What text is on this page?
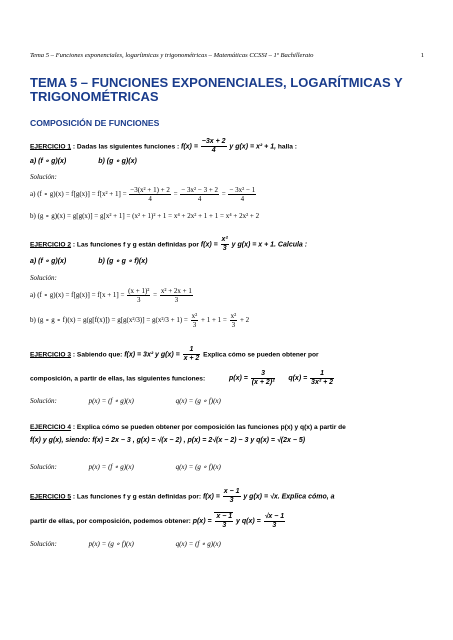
Tema 5 – Funciones exponenciales, logarítmicas y trigonométricas – Matemáticas CCSSI – 1º Bachillerato	1
TEMA 5 – FUNCIONES EXPONENCIALES, LOGARÍTMICAS Y TRIGONOMÉTRICAS
COMPOSICIÓN DE FUNCIONES
EJERCICIO 1 : Dadas las siguientes funciones : $f(x) = \frac{-3x + 2}{4}$ y g(x) = x² + 1, halla :
a) (f ∘ g)(x)	b) (g ∘ g)(x)
Solución:
a) (f ∘ $g)(x) = f[g(x)] = f[x^2 + 1] = \frac{\text{−3(x² + 1) + 2}}{4} = \frac{\text{− 3x² − 3 + 2}}{4} = \frac{\text{− 3x² − 1}}{4}$
b) (g ∘ g)(x) = g[g(x)] = g[x² + 1] = (x² + 1)² + 1 = x⁴ + 2x² + 1 + 1 = x⁴ + 2x² + 2
EJERCICIO 2 : Las funciones f y g están definidas por $f(x) = \frac{\text{x²}}{3}$ y g(x) = x + 1. Calcula :
a) (f ∘ g)(x)	b) (g ∘ g ∘ f)(x)
Solución:
a) (f ∘ $g)(x) = f[g(x)] = f[x + 1] = \frac{\text{(x + 1)²}}{3} = \frac{\text{x² + 2x + 1}}{3}$
b) (g ∘ g ∘ $f)(x) = g(g[f(x)]) = g[g(x^2/3)] = g(x^2/3 + 1) = \frac{\text{x²}}{3} + 1 + 1 = \frac{\text{x²}}{3} + 2$
EJERCICIO 3 : Sabiendo que: f(x) = 3x² y $g(x) = \frac{1}{x + 2}$ Explica cómo se pueden obtener por
composición, a partir de ellas, las siguientes funciones:	$p(x) = \frac{3}{\text{(x + 2)²}} q(x) = \frac{1}{\text{3x² + 2}}$
Solución:	p(x) = (f ∘ g)(x)	q(x) = (g ∘ f)(x)
EJERCICIO 4 : Explica cómo se pueden obtener por composición las funciones p(x) y q(x) a partir de
f(x) y g(x), siendo: f(x) = 2x − 3 , g(x) = √(x − 2) , p(x) = 2√(x − 2) − 3 y q(x) = √(2x − 5)
Solución:	p(x) = (f ∘ g)(x)	q(x) = (g ∘ f)(x)
EJERCICIO 5 : Las funciones f y g están definidas por: $f(x) = \frac{x - 1}{3}$ y g(x) = √x. Explica cómo, a
partir de ellas, por composición, podemos obtener: $p(x) = \frac{x - 1}{3}$ y $q(x) = \frac{√x - 1}{3}$
Solución:	p(x) = (g ∘ f)(x)	q(x) = (f ∘ g)(x)
